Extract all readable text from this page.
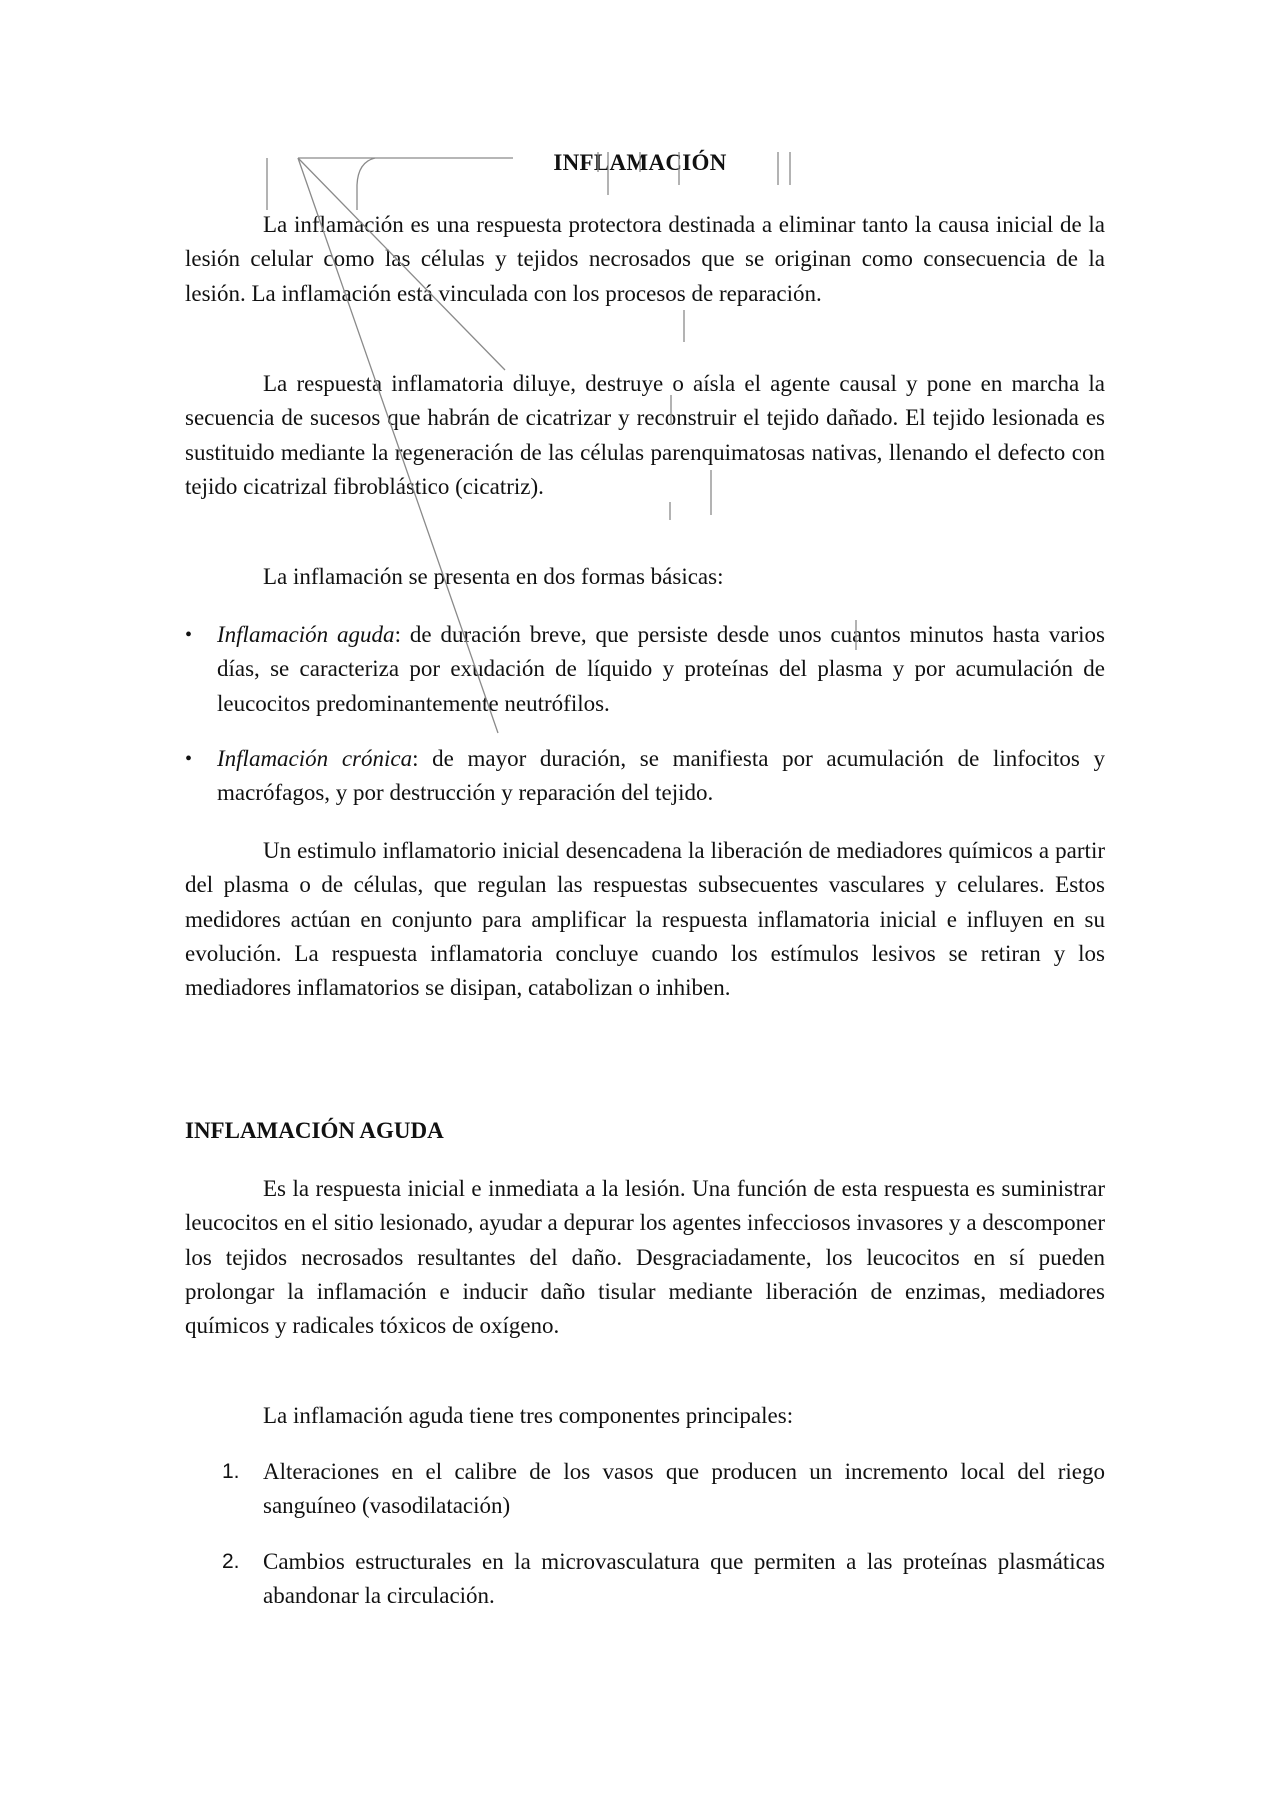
INFLAMACIÓN

La inflamación es una respuesta protectora destinada a eliminar tanto la causa inicial de la lesión celular como las células y tejidos necrosados que se originan como consecuencia de la lesión. La inflamación está vinculada con los procesos de reparación.

La respuesta inflamatoria diluye, destruye o aísla el agente causal y pone en marcha la secuencia de sucesos que habrán de cicatrizar y reconstruir el tejido dañado. El tejido lesionada es sustituido mediante la regeneración de las células parenquimatosas nativas, llenando el defecto con tejido cicatrizal fibroblástico (cicatriz).

La inflamación se presenta en dos formas básicas:

•	Inflamación aguda: de duración breve, que persiste desde unos cuantos minutos hasta varios días, se caracteriza por exudación de líquido y proteínas del plasma y por acumulación de leucocitos predominantemente neutrófilos.
•	Inflamación crónica: de mayor duración, se manifiesta por acumulación de linfocitos y macrófagos, y por destrucción y reparación del tejido.

Un estimulo inflamatorio inicial desencadena la liberación de mediadores químicos a partir del plasma o de células, que regulan las respuestas subsecuentes vasculares y celulares. Estos medidores actúan en conjunto para amplificar la respuesta inflamatoria inicial e influyen en su evolución. La respuesta inflamatoria concluye cuando los estímulos lesivos se retiran y los mediadores inflamatorios se disipan, catabolizan o inhiben.

INFLAMACIÓN AGUDA

Es la respuesta inicial e inmediata a la lesión. Una función de esta respuesta es suministrar leucocitos en el sitio lesionado, ayudar a depurar los agentes infecciosos invasores y a descomponer los tejidos necrosados resultantes del daño. Desgraciadamente, los leucocitos en sí pueden prolongar la inflamación e inducir daño tisular mediante liberación de enzimas, mediadores químicos y radicales tóxicos de oxígeno.

La inflamación aguda tiene tres componentes principales:

1. Alteraciones en el calibre de los vasos que producen un incremento local del riego sanguíneo (vasodilatación)
2. Cambios estructurales en la microvasculatura que permiten a las proteínas plasmáticas abandonar la circulación.
